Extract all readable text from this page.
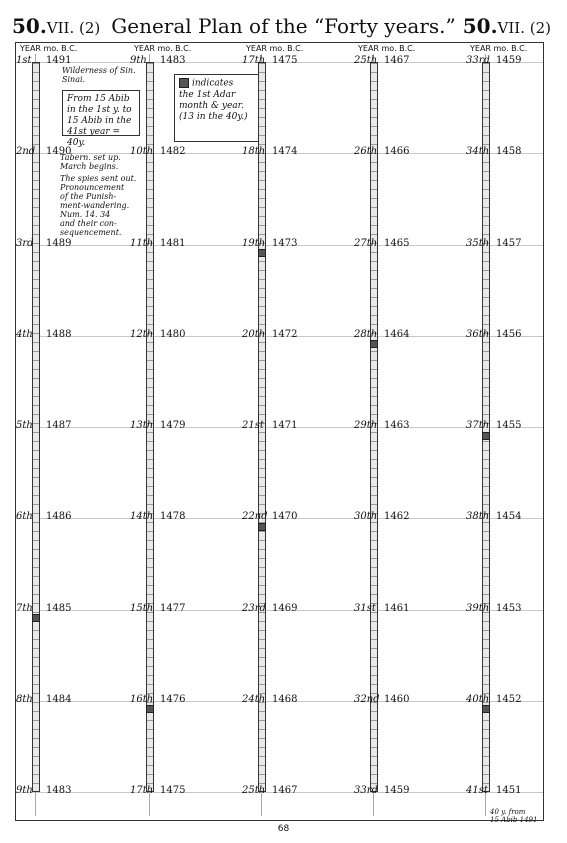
50.VII. (2) General Plan of the “Forty years.” 50.VII. (2)
Wilderness of Sin.
Sinai.
From 15 Abib
in the 1st y. to
15 Abib in the
41st year = 40y.
Tabern. set up.
March begins.
The spies sent out.
Pronouncement
of the Punish-
ment-wandering.
Num. 14. 34
and their con-
sequencement.
indicates
the 1st Adar
month & year.
(13 in the 40y.)
40 y. from
15 Abib 1491
68
YEAR mo. B.C.
1st 1491
2nd 1490
3rd 1489
4th 1488
5th 1487
6th 1486
7th 1485
8th 1484
9th 1483
YEAR mo. B.C.
9th 1483
10th 1482
11th 1481
12th 1480
13th 1479
14th 1478
15th 1477
16th 1476
17th 1475
YEAR mo. B.C.
17th 1475
18th 1474
19th 1473
20th 1472
21st 1471
22nd 1470
23rd 1469
24th 1468
25th 1467
YEAR mo. B.C.
25th 1467
26th 1466
27th 1465
28th 1464
29th 1463
30th 1462
31st 1461
32nd 1460
33rd 1459
YEAR mo. B.C.
33rd 1459
34th 1458
35th 1457
36th 1456
37th 1455
38th 1454
39th 1453
40th 1452
41st 1451
